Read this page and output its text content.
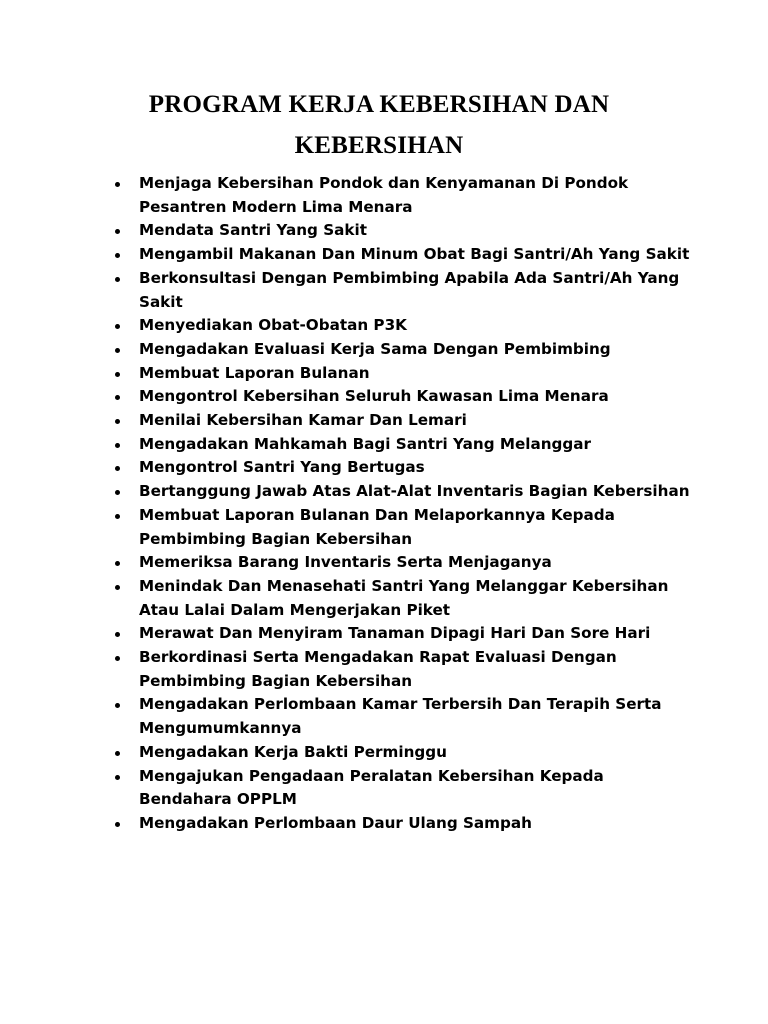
PROGRAM KERJA KEBERSIHAN DAN
KEBERSIHAN
Menjaga Kebersihan Pondok dan Kenyamanan Di Pondok Pesantren Modern Lima Menara
Mendata Santri Yang Sakit
Mengambil Makanan Dan Minum Obat Bagi Santri/Ah Yang Sakit
Berkonsultasi Dengan Pembimbing Apabila Ada Santri/Ah Yang Sakit
Menyediakan Obat-Obatan P3K
Mengadakan Evaluasi Kerja Sama Dengan Pembimbing
Membuat Laporan Bulanan
Mengontrol Kebersihan Seluruh Kawasan Lima Menara
Menilai Kebersihan Kamar Dan Lemari
Mengadakan Mahkamah Bagi Santri Yang Melanggar
Mengontrol Santri Yang Bertugas
Bertanggung Jawab Atas Alat-Alat Inventaris Bagian Kebersihan
Membuat Laporan Bulanan Dan Melaporkannya Kepada Pembimbing Bagian Kebersihan
Memeriksa Barang Inventaris Serta Menjaganya
Menindak Dan Menasehati Santri Yang Melanggar Kebersihan Atau Lalai Dalam Mengerjakan Piket
Merawat Dan Menyiram Tanaman Dipagi Hari Dan Sore Hari
Berkordinasi Serta Mengadakan Rapat Evaluasi Dengan Pembimbing Bagian Kebersihan
Mengadakan Perlombaan Kamar Terbersih Dan Terapih Serta Mengumumkannya
Mengadakan Kerja Bakti Perminggu
Mengajukan Pengadaan Peralatan Kebersihan Kepada Bendahara OPPLM
Mengadakan Perlombaan Daur Ulang Sampah
